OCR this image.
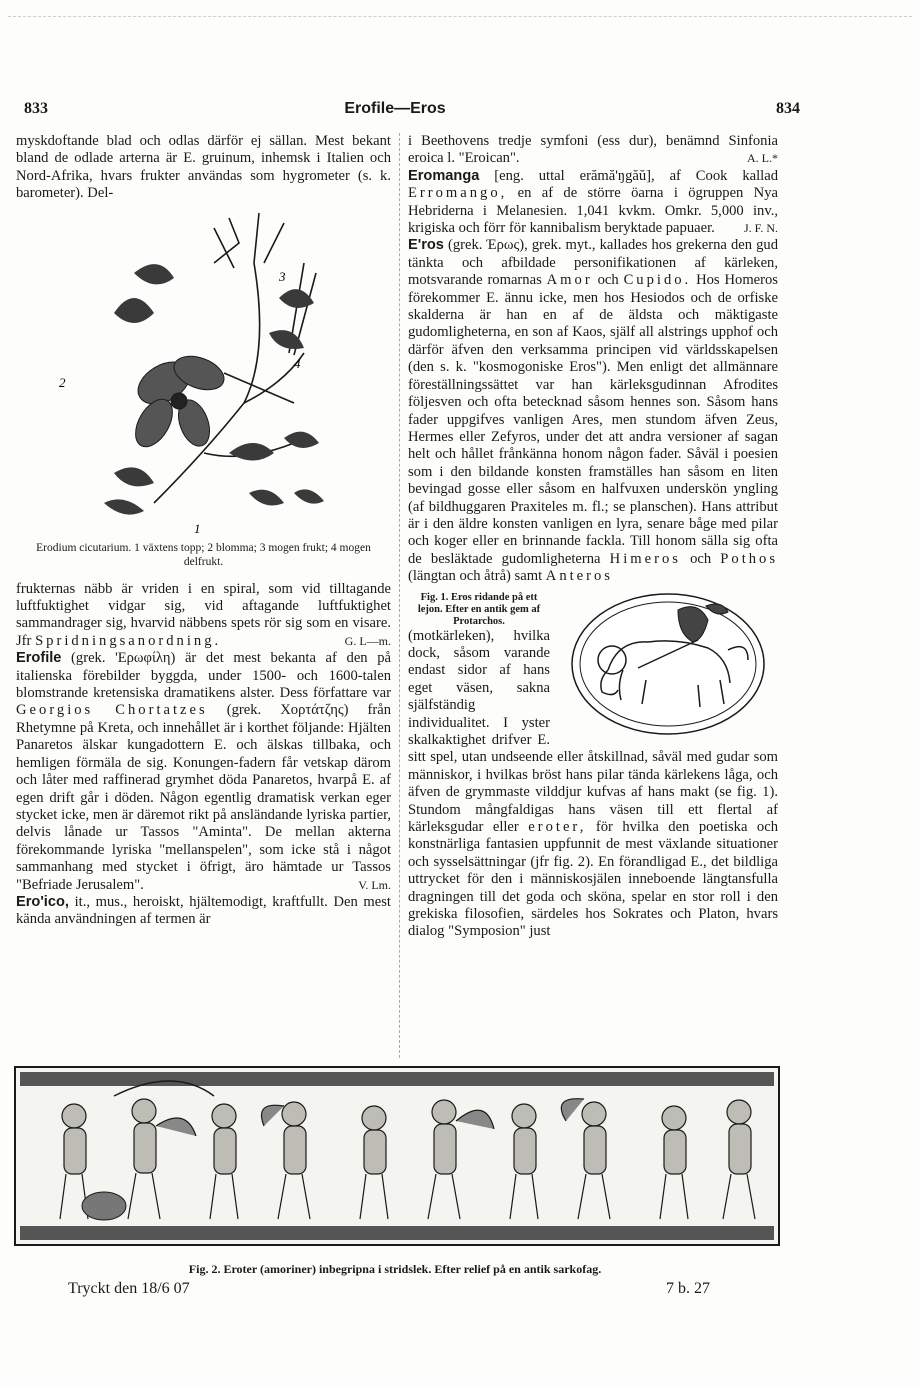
833	Erofile—Eros	834

myskdoftande blad och odlas därför ej sällan. Mest bekant bland de odlade arterna är E. gruinum, inhemsk i Italien och Nord-Afrika, hvars frukter användas som hygrometer (s. k. barometer). Del-

3
2
4
1
Erodium cicutarium. 1 växtens topp; 2 blomma; 3 mogen frukt; 4 mogen delfrukt.

frukternas näbb är vriden i en spiral, som vid tilltagande luftfuktighet vidgar sig, vid aftagande luftfuktighet sammandrager sig, hvarvid näbbens spets rör sig som en visare. Jfr Spridningsanordning.	G. L—m.

Erofile (grek. 'Ερωφίλη) är det mest bekanta af den på italienska förebilder byggda, under 1500- och 1600-talen blomstrande kretensiska dramatikens alster. Dess författare var Georgios Chortatzes (grek. Χορτάτζης) från Rhetymne på Kreta, och innehållet är i korthet följande: Hjälten Panaretos älskar kungadottern E. och älskas tillbaka, och hemligen förmäla de sig. Konungen-fadern får vetskap därom och låter med raffinerad grymhet döda Panaretos, hvarpå E. af egen drift går i döden. Någon egentlig dramatisk verkan eger stycket icke, men är däremot rikt på ansländande lyriska partier, delvis lånade ur Tassos "Aminta". De mellan akterna förekommande lyriska "mellanspelen", som icke stå i något sammanhang med stycket i öfrigt, äro hämtade ur Tassos "Befriade Jerusalem".	V. Lm.

Ero'ico, it., mus., heroiskt, hjältemodigt, kraftfullt. Den mest kända användningen af termen är

i Beethovens tredje symfoni (ess dur), benämnd Sinfonia eroica l. "Eroican".	A. L.*

Eromanga [eng. uttal erămă'ŋgăŭ], af Cook kallad Erromango, en af de större öarna i ögruppen Nya Hebriderna i Melanesien. 1,041 kvkm. Omkr. 5,000 inv., krigiska och förr för kannibalism beryktade papuaer. J. F. N.

E'ros (grek. Έρως), grek. myt., kallades hos grekerna den gud tänkta och afbildade personifikationen af kärleken, motsvarande romarnas Amor och Cupido. Hos Homeros förekommer E. ännu icke, men hos Hesiodos och de orfiske skalderna är han en af de äldsta och mäktigaste gudomligheterna, en son af Kaos, själf all alstrings upphof och därför äfven den verksamma principen vid världsskapelsen (den s. k. "kosmogoniske Eros"). Men enligt det allmännare föreställningssättet var han kärleksgudinnan Afrodites följesven och ofta betecknad såsom hennes son. Såsom hans fader uppgifves vanligen Ares, men stundom äfven Zeus, Hermes eller Zefyros, under det att andra versioner af sagan helt och hållet frånkänna honom någon fader. Såväl i poesien som i den bildande konsten framställes han såsom en liten bevingad gosse eller såsom en halfvuxen underskön yngling (af bildhuggaren Praxiteles m. fl.; se planschen). Hans attribut är i den äldre konsten vanligen en lyra, senare båge med pilar och koger eller en brinnande fackla. Till honom sälla sig ofta de besläktade gudomligheterna Himeros och Pothos (längtan och åtrå) samt Anteros

Fig. 1. Eros ridande på ett lejon. Efter en antik gem af Protarchos.
(motkärleken), hvilka dock, såsom varande endast sidor af hans eget väsen, sakna själfständig individualitet. I yster skalkaktighet drifver E. sitt spel, utan undseende eller åtskillnad, såväl med gudar som människor, i hvilkas bröst hans pilar tända kärlekens låga, och äfven de grymmaste vilddjur kufvas af hans makt (se fig. 1). Stundom mångfaldigas hans väsen till ett flertal af kärleksgudar eller eroter, för hvilka den poetiska och konstnärliga fantasien uppfunnit de mest växlande situationer och sysselsättningar (jfr fig. 2). En förandligad E., det bildliga uttrycket för den i människosjälen inneboende längtansfulla dragningen till det goda och sköna, spelar en stor roll i den grekiska filosofien, särdeles hos Sokrates och Platon, hvars dialog "Symposion" just

Fig. 2. Eroter (amoriner) inbegripna i stridslek. Efter relief på en antik sarkofag.
Tryckt den 18/6 07	7 b. 27
